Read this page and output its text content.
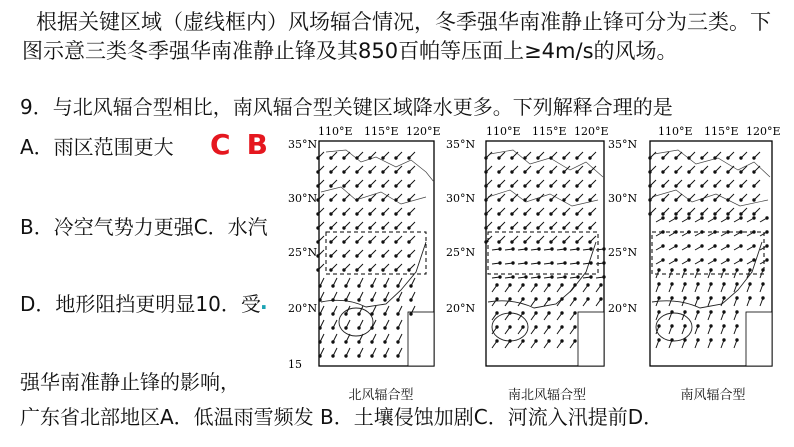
根据关键区域（虚线框内）风场辐合情况，冬季强华南准静止锋可分为三类。下图示意三类冬季强华南准静止锋及其850百帕等压面上≥4m/s的风场。
9．与北风辐合型相比，南风辐合型关键区域降水更多。下列解释合理的是
A．雨区范围更大 C B
B．冷空气势力更强C．水汽
D．地形阻挡更明显10．受 .
强华南准静止锋的影响，
广东省北部地区A．低温雨雪频发 B．土壤侵蚀加剧C．河流入汛提前D．
110°E 115°E 120°E
北风辐合型
110°E 115°E 120°E
南北风辐合型
110°E 115°E 120°E
南风辐合型
35°N
30°N
25°N
20°N
15
35°N
30°N
25°N
20°N
35°N
30°N
25°N
20°N
